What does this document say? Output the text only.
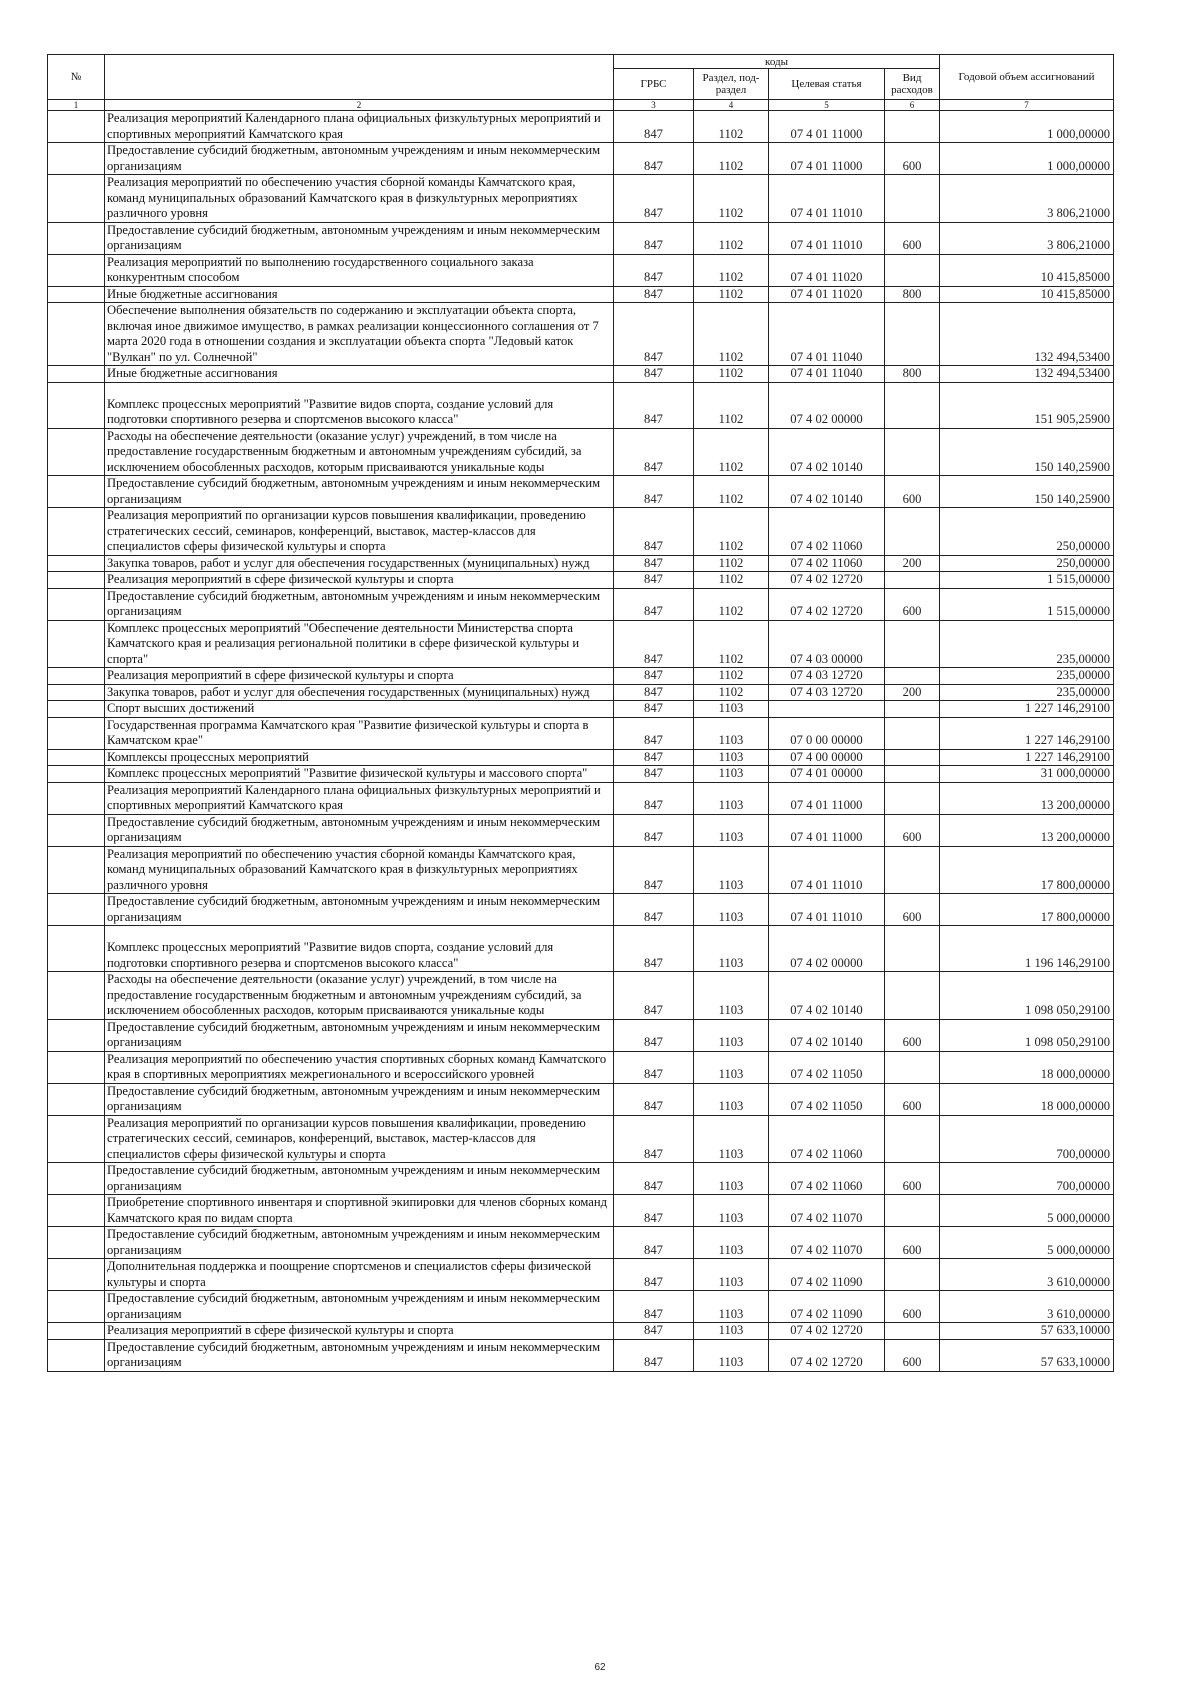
№		коды				Годовой объем ассигнований
		ГРБС	Раздел, под-раздел	Целевая статья	Вид расходов	
1	2	3	4	5	6	7
	Реализация мероприятий Календарного плана официальных физкультурных мероприятий и спортивных мероприятий Камчатского края	847	1102	07 4 01 11000		1 000,00000
	Предоставление субсидий бюджетным, автономным учреждениям и иным некоммерческим организациям	847	1102	07 4 01 11000	600	1 000,00000
	Реализация мероприятий по обеспечению участия сборной команды Камчатского края, команд муниципальных образований Камчатского края в физкультурных мероприятиях различного уровня	847	1102	07 4 01 11010		3 806,21000
	Предоставление субсидий бюджетным, автономным учреждениям и иным некоммерческим организациям	847	1102	07 4 01 11010	600	3 806,21000
	Реализация мероприятий по выполнению государственного социального заказа конкурентным способом	847	1102	07 4 01 11020		10 415,85000
	Иные бюджетные ассигнования	847	1102	07 4 01 11020	800	10 415,85000
	Обеспечение выполнения обязательств по содержанию и эксплуатации объекта спорта, включая иное движимое имущество, в рамках реализации концессионного соглашения от 7 марта 2020 года в отношении создания и эксплуатации объекта спорта "Ледовый каток "Вулкан" по ул. Солнечной"	847	1102	07 4 01 11040		132 494,53400
	Иные бюджетные ассигнования	847	1102	07 4 01 11040	800	132 494,53400
	Комплекс процессных мероприятий "Развитие видов спорта, создание условий для подготовки спортивного резерва и спортсменов высокого класса"	847	1102	07 4 02 00000		151 905,25900
	Расходы на обеспечение деятельности (оказание услуг) учреждений, в том числе на предоставление государственным бюджетным и автономным учреждениям субсидий, за исключением обособленных расходов, которым присваиваются уникальные коды	847	1102	07 4 02 10140		150 140,25900
	Предоставление субсидий бюджетным, автономным учреждениям и иным некоммерческим организациям	847	1102	07 4 02 10140	600	150 140,25900
	Реализация мероприятий по организации курсов повышения квалификации, проведению стратегических сессий, семинаров, конференций, выставок, мастер-классов для специалистов сферы физической культуры и спорта	847	1102	07 4 02 11060		250,00000
	Закупка товаров, работ и услуг для обеспечения государственных (муниципальных) нужд	847	1102	07 4 02 11060	200	250,00000
	Реализация мероприятий в сфере физической культуры и спорта	847	1102	07 4 02 12720		1 515,00000
	Предоставление субсидий бюджетным, автономным учреждениям и иным некоммерческим организациям	847	1102	07 4 02 12720	600	1 515,00000
	Комплекс процессных мероприятий "Обеспечение деятельности Министерства спорта Камчатского края и реализация региональной политики в сфере физической культуры и спорта"	847	1102	07 4 03 00000		235,00000
	Реализация мероприятий в сфере физической культуры и спорта	847	1102	07 4 03 12720		235,00000
	Закупка товаров, работ и услуг для обеспечения государственных (муниципальных) нужд	847	1102	07 4 03 12720	200	235,00000
	Спорт высших достижений	847	1103			1 227 146,29100
	Государственная программа Камчатского края "Развитие физической культуры и спорта в Камчатском крае"	847	1103	07 0 00 00000		1 227 146,29100
	Комплексы процессных мероприятий	847	1103	07 4 00 00000		1 227 146,29100
	Комплекс процессных мероприятий "Развитие физической культуры и массового спорта"	847	1103	07 4 01 00000		31 000,00000
	Реализация мероприятий Календарного плана официальных физкультурных мероприятий и спортивных мероприятий Камчатского края	847	1103	07 4 01 11000		13 200,00000
	Предоставление субсидий бюджетным, автономным учреждениям и иным некоммерческим организациям	847	1103	07 4 01 11000	600	13 200,00000
	Реализация мероприятий по обеспечению участия сборной команды Камчатского края, команд муниципальных образований Камчатского края в физкультурных мероприятиях различного уровня	847	1103	07 4 01 11010		17 800,00000
	Предоставление субсидий бюджетным, автономным учреждениям и иным некоммерческим организациям	847	1103	07 4 01 11010	600	17 800,00000
	Комплекс процессных мероприятий "Развитие видов спорта, создание условий для подготовки спортивного резерва и спортсменов высокого класса"	847	1103	07 4 02 00000		1 196 146,29100
	Расходы на обеспечение деятельности (оказание услуг) учреждений, в том числе на предоставление государственным бюджетным и автономным учреждениям субсидий, за исключением обособленных расходов, которым присваиваются уникальные коды	847	1103	07 4 02 10140		1 098 050,29100
	Предоставление субсидий бюджетным, автономным учреждениям и иным некоммерческим организациям	847	1103	07 4 02 10140	600	1 098 050,29100
	Реализация мероприятий по обеспечению участия спортивных сборных команд Камчатского края в спортивных мероприятиях межрегионального и всероссийского уровней	847	1103	07 4 02 11050		18 000,00000
	Предоставление субсидий бюджетным, автономным учреждениям и иным некоммерческим организациям	847	1103	07 4 02 11050	600	18 000,00000
	Реализация мероприятий по организации курсов повышения квалификации, проведению стратегических сессий, семинаров, конференций, выставок, мастер-классов для специалистов сферы физической культуры и спорта	847	1103	07 4 02 11060		700,00000
	Предоставление субсидий бюджетным, автономным учреждениям и иным некоммерческим организациям	847	1103	07 4 02 11060	600	700,00000
	Приобретение спортивного инвентаря и спортивной экипировки для членов сборных команд Камчатского края по видам спорта	847	1103	07 4 02 11070		5 000,00000
	Предоставление субсидий бюджетным, автономным учреждениям и иным некоммерческим организациям	847	1103	07 4 02 11070	600	5 000,00000
	Дополнительная поддержка и поощрение спортсменов и специалистов сферы физической культуры и спорта	847	1103	07 4 02 11090		3 610,00000
	Предоставление субсидий бюджетным, автономным учреждениям и иным некоммерческим организациям	847	1103	07 4 02 11090	600	3 610,00000
	Реализация мероприятий в сфере физической культуры и спорта	847	1103	07 4 02 12720		57 633,10000
	Предоставление субсидий бюджетным, автономным учреждениям и иным некоммерческим организациям	847	1103	07 4 02 12720	600	57 633,10000
62
